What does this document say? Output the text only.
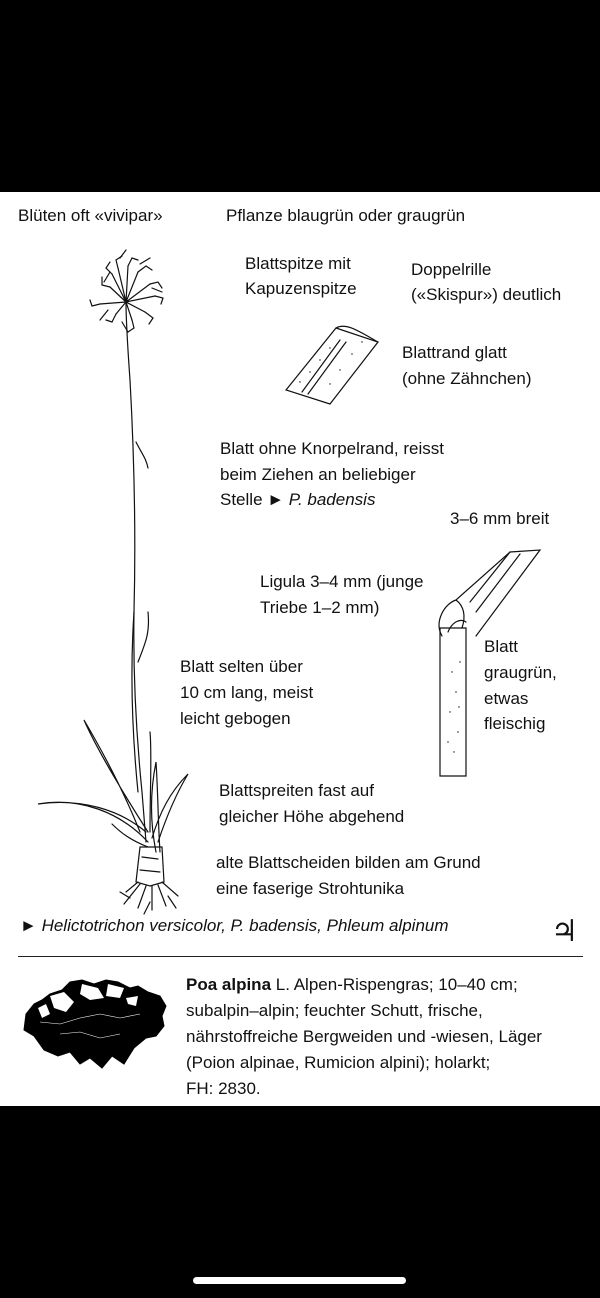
Blüten oft «vivipar»	Pflanze blaugrün oder graugrün
Blattspitze mit
Kapuzenspitze
Doppelrille
(«Skispur») deutlich
Blattrand glatt
(ohne Zähnchen)
Blatt ohne Knorpelrand, reisst
beim Ziehen an beliebiger
Stelle ► P. badensis
3–6 mm breit
Ligula 3–4 mm (junge
Triebe 1–2 mm)
Blatt
graugrün,
etwas
fleischig
Blatt selten über
10 cm lang, meist
leicht gebogen
Blattspreiten fast auf
gleicher Höhe abgehend
alte Blattscheiden bilden am Grund
eine faserige Strohtunika
► Helictotrichon versicolor, P. badensis, Phleum alpinum	♃
Poa alpina L. Alpen-Rispengras; 10–40 cm;
subalpin–alpin; feuchter Schutt, frische,
nährstoffreiche Bergweiden und -wiesen, Läger
(Poion alpinae, Rumicion alpini); holarkt;
FH: 2830.
